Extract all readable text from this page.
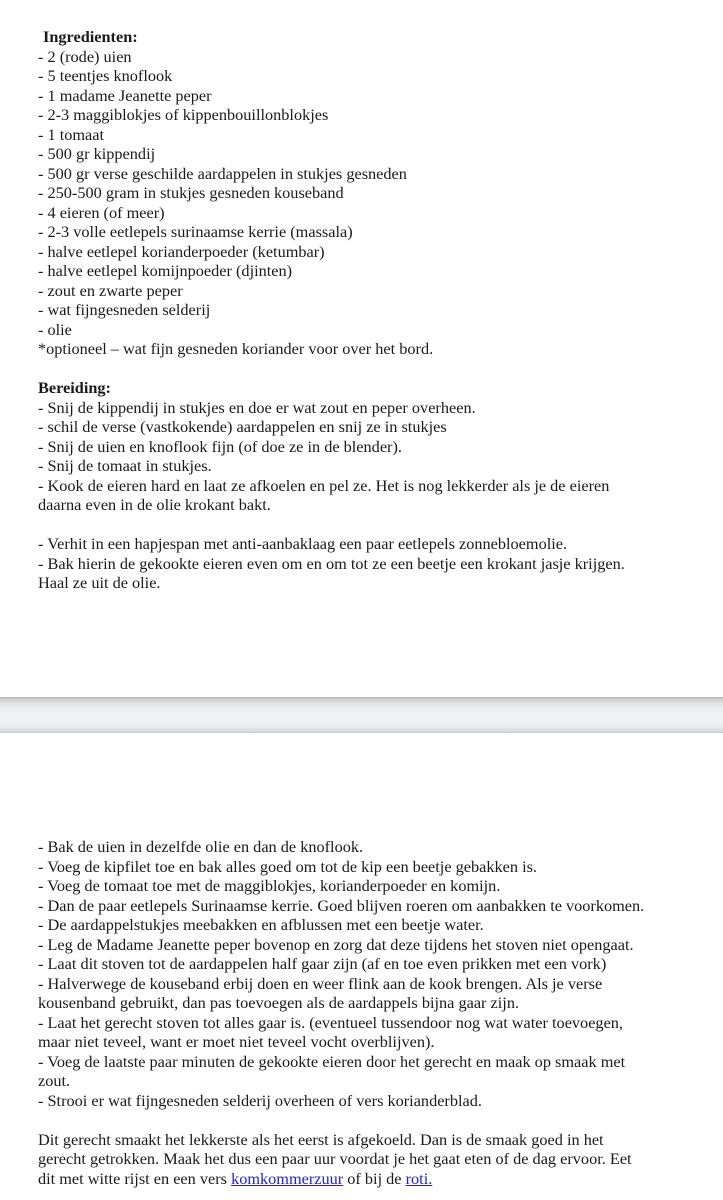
Ingredienten:
- 2 (rode) uien
- 5 teentjes knoflook
- 1 madame Jeanette peper
- 2-3 maggiblokjes of kippenbouillonblokjes
- 1 tomaat
- 500 gr kippendij
- 500 gr verse geschilde aardappelen in stukjes gesneden
- 250-500 gram in stukjes gesneden kouseband
- 4 eieren (of meer)
- 2-3 volle eetlepels surinaamse kerrie (massala)
- halve eetlepel korianderpoeder (ketumbar)
- halve eetlepel komijnpoeder (djinten)
- zout en zwarte peper
- wat fijngesneden selderij
- olie
*optioneel – wat fijn gesneden koriander voor over het bord.
Bereiding:
- Snij de kippendij in stukjes en doe er wat zout en peper overheen.
- schil de verse (vastkokende) aardappelen en snij ze in stukjes
- Snij de uien en knoflook fijn (of doe ze in de blender).
- Snij de tomaat in stukjes.
- Kook de eieren hard en laat ze afkoelen en pel ze. Het is nog lekkerder als je de eieren
daarna even in de olie krokant bakt.
- Verhit in een hapjespan met anti-aanbaklaag een paar eetlepels zonnebloemolie.
- Bak hierin de gekookte eieren even om en om tot ze een beetje een krokant jasje krijgen.
Haal ze uit de olie.
- Bak de uien in dezelfde olie en dan de knoflook.
- Voeg de kipfilet toe en bak alles goed om tot de kip een beetje gebakken is.
- Voeg de tomaat toe met de maggiblokjes, korianderpoeder en komijn.
- Dan de paar eetlepels Surinaamse kerrie. Goed blijven roeren om aanbakken te voorkomen.
- De aardappelstukjes meebakken en afblussen met een beetje water.
- Leg de Madame Jeanette peper bovenop en zorg dat deze tijdens het stoven niet opengaat.
- Laat dit stoven tot de aardappelen half gaar zijn (af en toe even prikken met een vork)
- Halverwege de kouseband erbij doen en weer flink aan de kook brengen. Als je verse
kousenband gebruikt, dan pas toevoegen als de aardappels bijna gaar zijn.
- Laat het gerecht stoven tot alles gaar is. (eventueel tussendoor nog wat water toevoegen,
maar niet teveel, want er moet niet teveel vocht overblijven).
- Voeg de laatste paar minuten de gekookte eieren door het gerecht en maak op smaak met
zout.
- Strooi er wat fijngesneden selderij overheen of vers korianderblad.
Dit gerecht smaakt het lekkerste als het eerst is afgekoeld. Dan is de smaak goed in het
gerecht getrokken. Maak het dus een paar uur voordat je het gaat eten of de dag ervoor. Eet
dit met witte rijst en een vers komkommerzuur of bij de roti.
